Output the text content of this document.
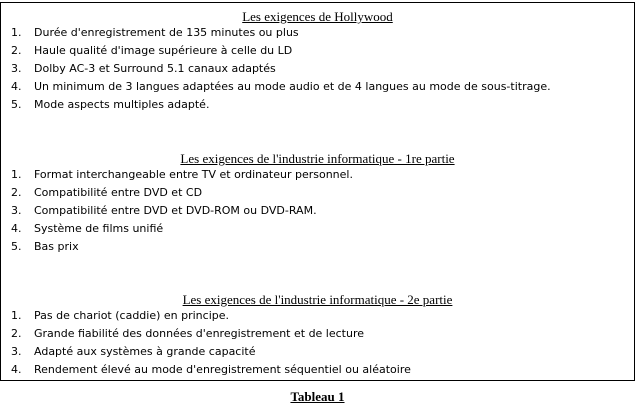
Les exigences de Hollywood
1. Durée d'enregistrement de 135 minutes ou plus
2. Haule qualité d'image supérieure à celle du LD
3. Dolby AC-3 et Surround 5.1 canaux adaptés
4. Un minimum de 3 langues adaptées au mode audio et de 4 langues au mode de sous-titrage.
5. Mode aspects multiples adapté.
Les exigences de l'industrie informatique - 1re partie
1. Format interchangeable entre TV et ordinateur personnel.
2. Compatibilité entre DVD et CD
3. Compatibilité entre DVD et DVD-ROM ou DVD-RAM.
4. Système de films unifié
5. Bas prix
Les exigences de l'industrie informatique - 2e partie
1. Pas de chariot (caddie) en principe.
2. Grande fiabilité des données d'enregistrement et de lecture
3. Adapté aux systèmes à grande capacité
4. Rendement élevé au mode d'enregistrement séquentiel ou aléatoire
Tableau 1
